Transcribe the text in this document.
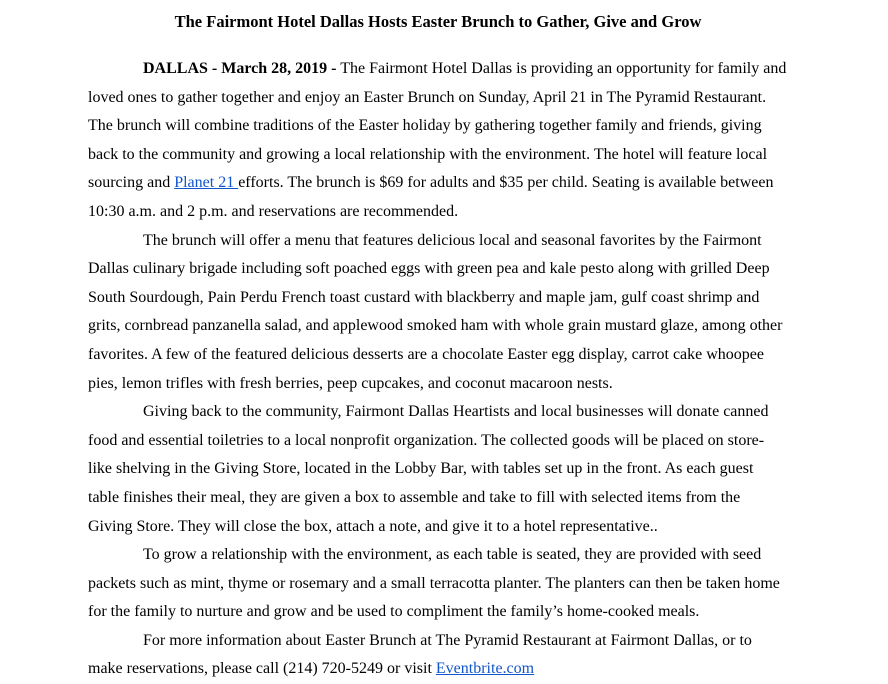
The Fairmont Hotel Dallas Hosts Easter Brunch to Gather, Give and Grow

DALLAS - March 28, 2019 - The Fairmont Hotel Dallas is providing an opportunity for family and loved ones to gather together and enjoy an Easter Brunch on Sunday, April 21 in The Pyramid Restaurant. The brunch will combine traditions of the Easter holiday by gathering together family and friends, giving back to the community and growing a local relationship with the environment. The hotel will feature local sourcing and Planet 21 efforts. The brunch is $69 for adults and $35 per child. Seating is available between 10:30 a.m. and 2 p.m. and reservations are recommended.

The brunch will offer a menu that features delicious local and seasonal favorites by the Fairmont Dallas culinary brigade including soft poached eggs with green pea and kale pesto along with grilled Deep South Sourdough, Pain Perdu French toast custard with blackberry and maple jam, gulf coast shrimp and grits, cornbread panzanella salad, and applewood smoked ham with whole grain mustard glaze, among other favorites. A few of the featured delicious desserts are a chocolate Easter egg display, carrot cake whoopee pies, lemon trifles with fresh berries, peep cupcakes, and coconut macaroon nests.

Giving back to the community, Fairmont Dallas Heartists and local businesses will donate canned food and essential toiletries to a local nonprofit organization. The collected goods will be placed on store-like shelving in the Giving Store, located in the Lobby Bar, with tables set up in the front. As each guest table finishes their meal, they are given a box to assemble and take to fill with selected items from the Giving Store. They will close the box, attach a note, and give it to a hotel representative..

To grow a relationship with the environment, as each table is seated, they are provided with seed packets such as mint, thyme or rosemary and a small terracotta planter. The planters can then be taken home for the family to nurture and grow and be used to compliment the family’s home-cooked meals.

For more information about Easter Brunch at The Pyramid Restaurant at Fairmont Dallas, or to make reservations, please call (214) 720-5249 or visit Eventbrite.com
